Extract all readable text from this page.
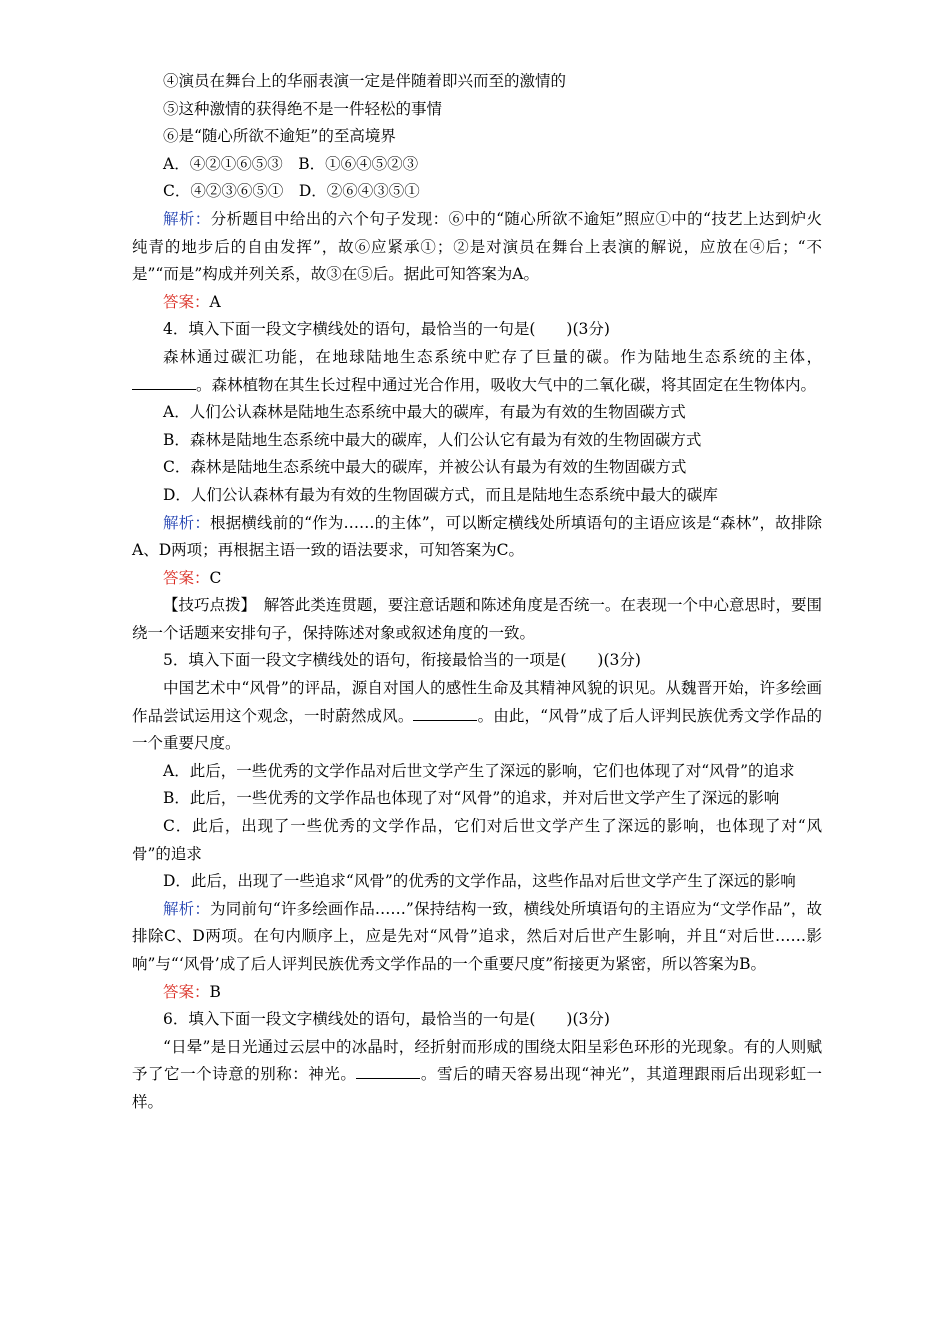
④演员在舞台上的华丽表演一定是伴随着即兴而至的激情的

⑤这种激情的获得绝不是一件轻松的事情

⑥是“随心所欲不逾矩”的至高境界

A．④②①⑥⑤③　B．①⑥④⑤②③

C．④②③⑥⑤①　D．②⑥④③⑤①

解析：分析题目中给出的六个句子发现：⑥中的“随心所欲不逾矩”照应①中的“技艺上达到炉火纯青的地步后的自由发挥”，故⑥应紧承①；②是对演员在舞台上表演的解说，应放在④后；“不是”“而是”构成并列关系，故③在⑤后。据此可知答案为A。

答案：A

4．填入下面一段文字横线处的语句，最恰当的一句是(　　)(3分)

森林通过碳汇功能，在地球陆地生态系统中贮存了巨量的碳。作为陆地生态系统的主体，。森林植物在其生长过程中通过光合作用，吸收大气中的二氧化碳，将其固定在生物体内。

A．人们公认森林是陆地生态系统中最大的碳库，有最为有效的生物固碳方式

B．森林是陆地生态系统中最大的碳库，人们公认它有最为有效的生物固碳方式

C．森林是陆地生态系统中最大的碳库，并被公认有最为有效的生物固碳方式

D．人们公认森林有最为有效的生物固碳方式，而且是陆地生态系统中最大的碳库

解析：根据横线前的“作为……的主体”，可以断定横线处所填语句的主语应该是“森林”，故排除A、D两项；再根据主语一致的语法要求，可知答案为C。

答案：C

【技巧点拨】　解答此类连贯题，要注意话题和陈述角度是否统一。在表现一个中心意思时，要围绕一个话题来安排句子，保持陈述对象或叙述角度的一致。

5．填入下面一段文字横线处的语句，衔接最恰当的一项是(　　)(3分)

中国艺术中“风骨”的评品，源自对国人的感性生命及其精神风貌的识见。从魏晋开始，许多绘画作品尝试运用这个观念，一时蔚然成风。	。由此，“风骨”成了后人评判民族优秀文学作品的一个重要尺度。

A．此后，一些优秀的文学作品对后世文学产生了深远的影响，它们也体现了对“风骨”的追求

B．此后，一些优秀的文学作品也体现了对“风骨”的追求，并对后世文学产生了深远的影响

C．此后，出现了一些优秀的文学作品，它们对后世文学产生了深远的影响，也体现了对“风骨”的追求

D．此后，出现了一些追求“风骨”的优秀的文学作品，这些作品对后世文学产生了深远的影响

解析：为同前句“许多绘画作品……”保持结构一致，横线处所填语句的主语应为“文学作品”，故排除C、D两项。在句内顺序上，应是先对“风骨”追求，然后对后世产生影响，并且“对后世……影响”与“‘风骨’成了后人评判民族优秀文学作品的一个重要尺度”衔接更为紧密，所以答案为B。

答案：B

6．填入下面一段文字横线处的语句，最恰当的一句是(　　)(3分)

“日晕”是日光通过云层中的冰晶时，经折射而形成的围绕太阳呈彩色环形的光现象。有的人则赋予了它一个诗意的别称：神光。	。雪后的晴天容易出现“神光”，其道理跟雨后出现彩虹一样。
